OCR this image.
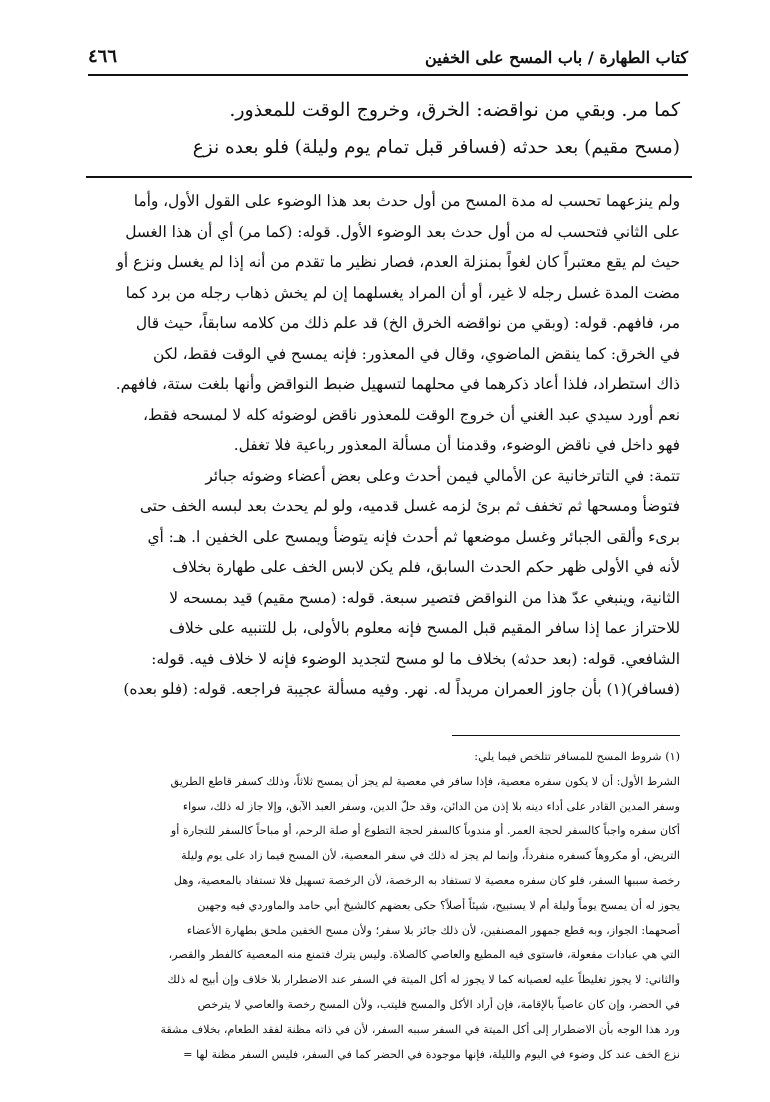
كتاب الطهارة / باب المسح على الخفين
٤٦٦
كما مر. وبقي من نواقضه: الخرق، وخروج الوقت للمعذور.
(مسح مقيم) بعد حدثه (فسافر قبل تمام يوم وليلة) فلو بعده نزع

ولم ينزعهما تحسب له مدة المسح من أول حدث بعد هذا الوضوء على القول الأول، وأما

على الثاني فتحسب له من أول حدث بعد الوضوء الأول. قوله: (كما مر) أي أن هذا الغسل

حيث لم يقع معتبراً كان لغواً بمنزلة العدم، فصار نظير ما تقدم من أنه إذا لم يغسل ونزع أو

مضت المدة غسل رجله لا غير، أو أن المراد يغسلهما إن لم يخش ذهاب رجله من برد كما

مر، فافهم. قوله: (وبقي من نواقضه الخرق الخ) قد علم ذلك من كلامه سابقاً، حيث قال

في الخرق: كما ينقض الماضوي، وقال في المعذور: فإنه يمسح في الوقت فقط، لكن

ذاك استطراد، فلذا أعاد ذكرهما في محلهما لتسهيل ضبط النواقض وأنها بلغت ستة، فافهم.

نعم أورد سيدي عبد الغني أن خروج الوقت للمعذور ناقض لوضوئه كله لا لمسحه فقط،

فهو داخل في ناقض الوضوء، وقدمنا أن مسألة المعذور رباعية فلا تغفل.

تتمة: في التاترخانية عن الأمالي فيمن أحدث وعلى بعض أعضاء وضوئه جبائر

فتوضأ ومسحها ثم تخفف ثم برئ لزمه غسل قدميه، ولو لم يحدث بعد لبسه الخف حتى

برىء وألقى الجبائر وغسل موضعها ثم أحدث فإنه يتوضأ ويمسح على الخفين ا. هـ: أي

لأنه في الأولى ظهر حكم الحدث السابق، فلم يكن لابس الخف على طهارة بخلاف

الثانية، وينبغي عدّ هذا من النواقض فتصير سبعة. قوله: (مسح مقيم) قيد بمسحه لا

للاحتراز عما إذا سافر المقيم قبل المسح فإنه معلوم بالأولى، بل للتنبيه على خلاف

الشافعي. قوله: (بعد حدثه) بخلاف ما لو مسح لتجديد الوضوء فإنه لا خلاف فيه. قوله:

(فسافر)(١) بأن جاوز العمران مريداً له. نهر. وفيه مسألة عجيبة فراجعه. قوله: (فلو بعده)

(١) شروط المسح للمسافر تتلخص فيما يلي:

الشرط الأول: أن لا يكون سفره معصية، فإذا سافر في معصية لم يجز أن يمسح ثلاثاً، وذلك كسفر قاطع الطريق

وسفر المدين القادر على أداء دينه بلا إذن من الدائن، وقد حلّ الدين، وسفر العبد الآبق، وإلا جاز له ذلك، سواء

أكان سفره واجباً كالسفر لحجة العمر. أو مندوباً كالسفر لحجة التطوع أو صلة الرحم، أو مباحاً كالسفر للتجارة أو

التريض، أو مكروهاً كسفره منفرداً، وإنما لم يجز له ذلك في سفر المعصية، لأن المسح فيما زاد على يوم وليلة

رخصة سببها السفر، فلو كان سفره معصية لا تستفاد به الرخصة، لأن الرخصة تسهيل فلا تستفاد بالمعصية، وهل

يجوز له أن يمسح يوماً وليلة أم لا يستبيح، شيئاً أصلاً؟ حكى بعضهم كالشيخ أبي حامد والماوردي فيه وجهين

أصحهما: الجواز، وبه قطع جمهور المصنفين، لأن ذلك جائز بلا سفر؛ ولأن مسح الخفين ملحق بطهارة الأعضاء

التي هي عبادات مفعولة، فاستوى فيه المطيع والعاصي كالصلاة. وليس يترك فتمنع منه المعصية كالفطر والقصر،

والثاني: لا يجوز تغليظاً عليه لعصيانه كما لا يجوز له أكل الميتة في السفر عند الاضطرار بلا خلاف وإن أبيح له ذلك

في الحضر، وإن كان عاصياً بالإقامة، فإن أراد الأكل والمسح فليتب، ولأن المسح رخصة والعاصي لا يترخص

ورد هذا الوجه بأن الاضطرار إلى أكل الميتة في السفر سببه السفر، لأن في ذاته مظنة لفقد الطعام، بخلاف مشقة

نزع الخف عند كل وضوء في اليوم والليلة، فإنها موجودة في الحضر كما في السفر، فليس السفر مظنة لها =
